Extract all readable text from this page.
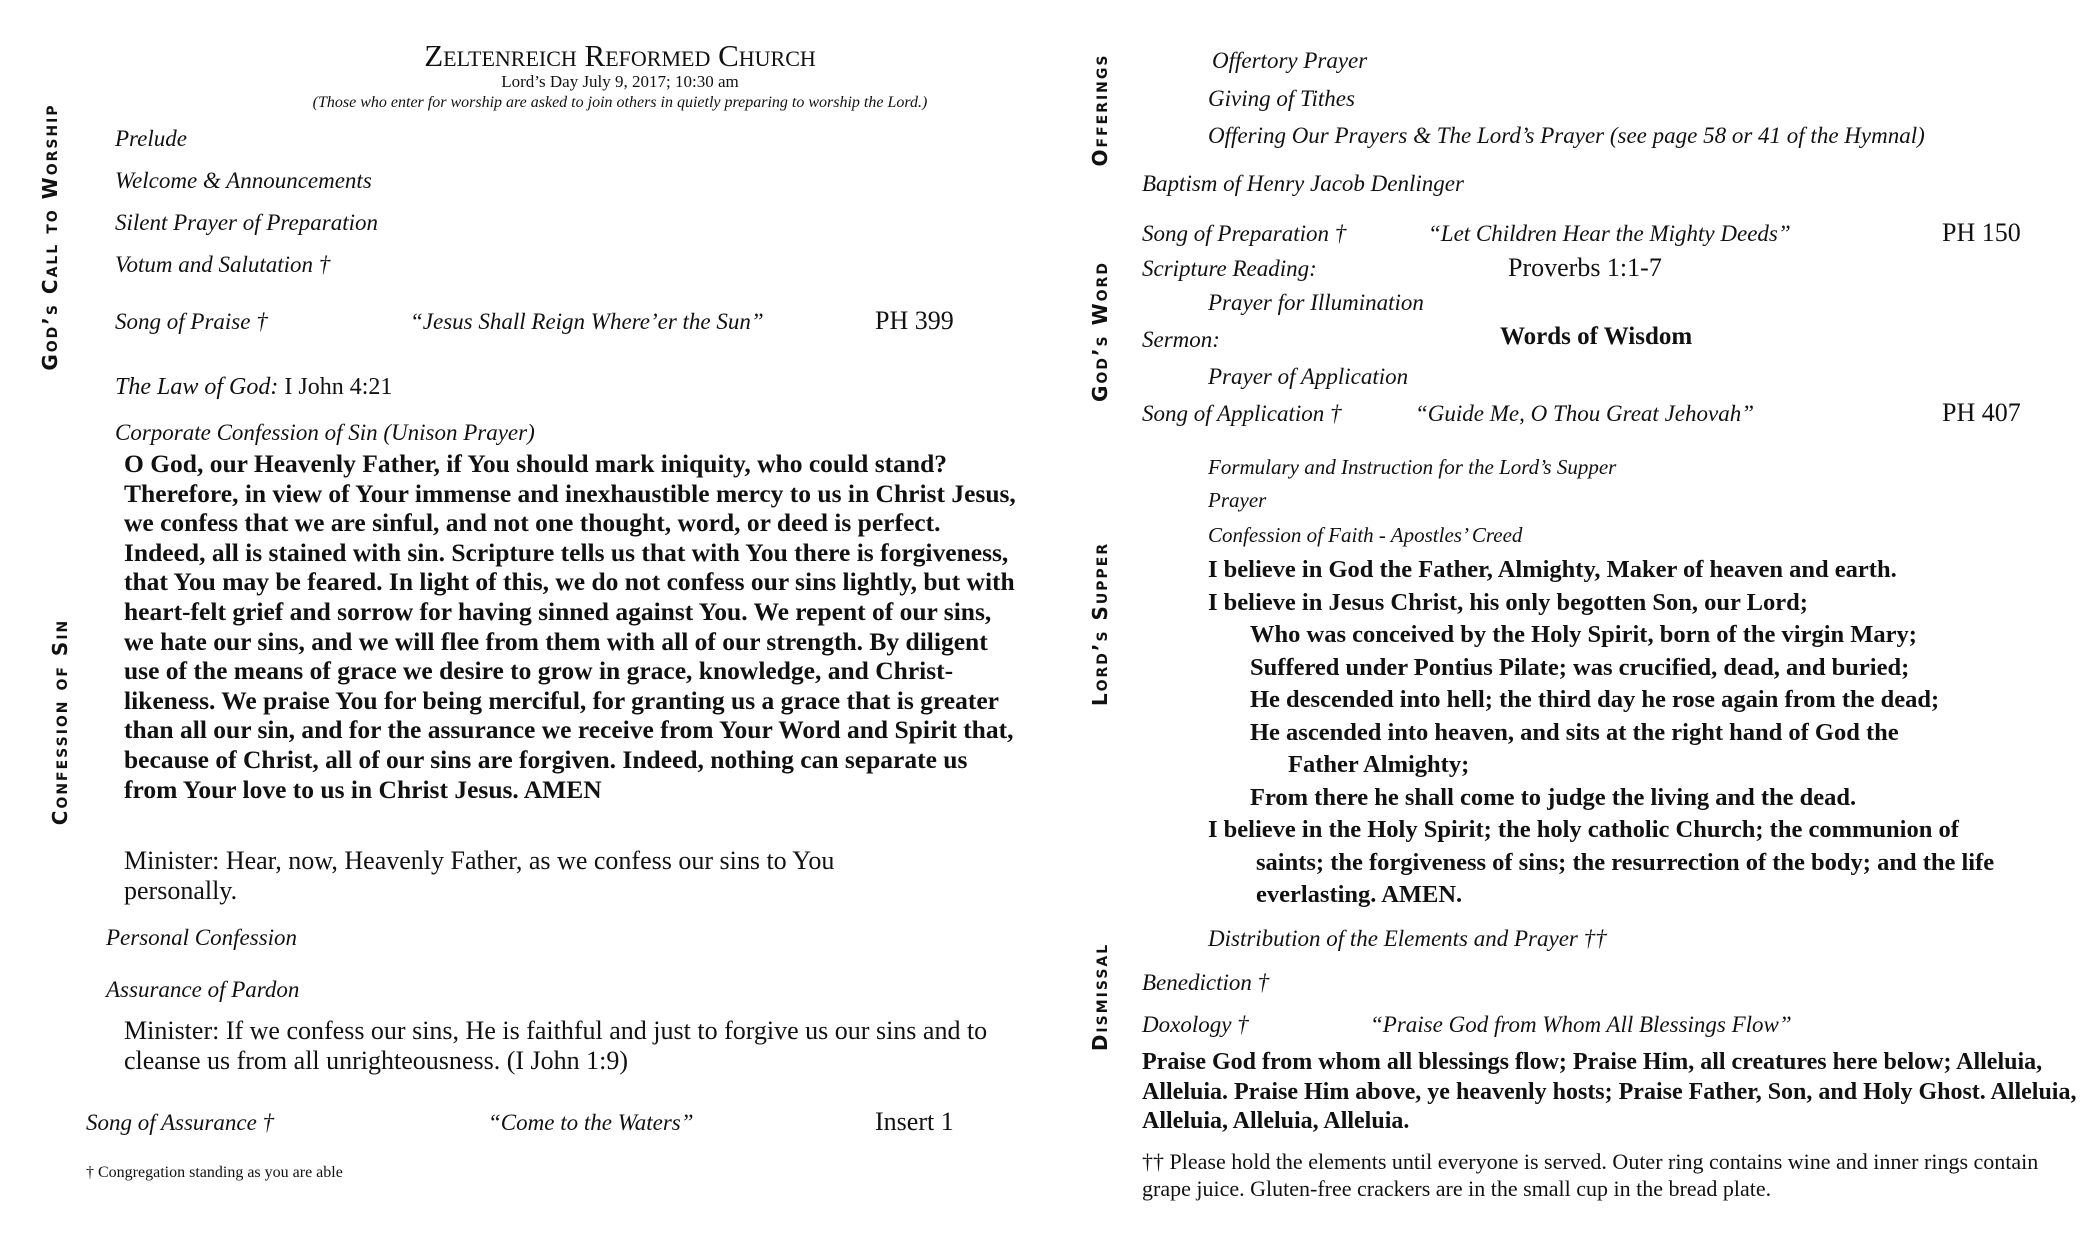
God’s Call to Worship
Confession of Sin
Offerings
God’s Word
Lord’s Supper
Dismissal
Zeltenreich Reformed Church
Lord’s Day July 9, 2017; 10:30 am
(Those who enter for worship are asked to join others in quietly preparing to worship the Lord.)
Prelude
Welcome & Announcements
Silent Prayer of Preparation
Votum and Salutation †
Song of Praise †	“Jesus Shall Reign Where’er the Sun”	PH 399
The Law of God: I John 4:21
Corporate Confession of Sin (Unison Prayer)
O God, our Heavenly Father, if You should mark iniquity, who could stand? Therefore, in view of Your immense and inexhaustible mercy to us in Christ Jesus, we confess that we are sinful, and not one thought, word, or deed is perfect. Indeed, all is stained with sin. Scripture tells us that with You there is forgiveness, that You may be feared. In light of this, we do not confess our sins lightly, but with heart-felt grief and sorrow for having sinned against You. We repent of our sins, we hate our sins, and we will flee from them with all of our strength. By diligent use of the means of grace we desire to grow in grace, knowledge, and Christ-likeness. We praise You for being merciful, for granting us a grace that is greater than all our sin, and for the assurance we receive from Your Word and Spirit that, because of Christ, all of our sins are forgiven. Indeed, nothing can separate us from Your love to us in Christ Jesus. AMEN
Minister: Hear, now, Heavenly Father, as we confess our sins to You personally.
Personal Confession
Assurance of Pardon
Minister: If we confess our sins, He is faithful and just to forgive us our sins and to cleanse us from all unrighteousness. (I John 1:9)
Song of Assurance †	“Come to the Waters”	Insert 1
† Congregation standing as you are able
Offertory Prayer
Giving of Tithes
Offering Our Prayers & The Lord’s Prayer (see page 58 or 41 of the Hymnal)
Baptism of Henry Jacob Denlinger
Song of Preparation †	“Let Children Hear the Mighty Deeds”	PH 150
Scripture Reading:	Proverbs 1:1-7
Prayer for Illumination
Sermon:	Words of Wisdom
Prayer of Application
Song of Application †	“Guide Me, O Thou Great Jehovah”	PH 407
Formulary and Instruction for the Lord’s Supper
Prayer
Confession of Faith - Apostles’ Creed
I believe in God the Father, Almighty, Maker of heaven and earth.
I believe in Jesus Christ, his only begotten Son, our Lord;
Who was conceived by the Holy Spirit, born of the virgin Mary;
Suffered under Pontius Pilate; was crucified, dead, and buried;
He descended into hell; the third day he rose again from the dead;
He ascended into heaven, and sits at the right hand of God the
Father Almighty;
From there he shall come to judge the living and the dead.
I believe in the Holy Spirit; the holy catholic Church; the communion of
saints; the forgiveness of sins; the resurrection of the body; and the life
everlasting. AMEN.
Distribution of the Elements and Prayer ††
Benediction †
Doxology †	“Praise God from Whom All Blessings Flow”
Praise God from whom all blessings flow; Praise Him, all creatures here below; Alleluia, Alleluia. Praise Him above, ye heavenly hosts; Praise Father, Son, and Holy Ghost. Alleluia, Alleluia, Alleluia, Alleluia.
†† Please hold the elements until everyone is served. Outer ring contains wine and inner rings contain grape juice. Gluten-free crackers are in the small cup in the bread plate.
